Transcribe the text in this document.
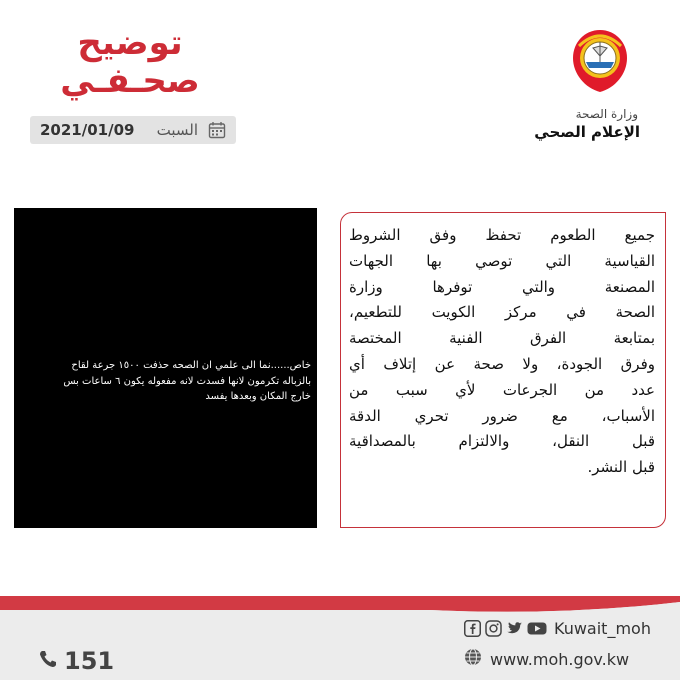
توضيح
صحـفـي
السبت
2021/01/09
وزارة الصحة
الإعلام الصحي
خاص......نما الى علمي ان الصحه حذفت ١٥٠٠ جرعة لقاح
بالزباله تكرمون لانها فسدت لانه مفعوله يكون ٦ ساعات بس
خارج المكان وبعدها يفسد
جميع الطعوم تحفظ وفق الشروط
القياسية التي توصي بها الجهات
المصنعة والتي توفرها وزارة
الصحة في مركز الكويت للتطعيم،
بمتابعة الفرق الفنية المختصة
وفرق الجودة، ولا صحة عن إتلاف أي
عدد من الجرعات لأي سبب من
الأسباب، مع ضرور تحري الدقة
قبل النقل، والالتزام بالمصداقية
قبل النشر.
151
Kuwait_moh
www.moh.gov.kw
